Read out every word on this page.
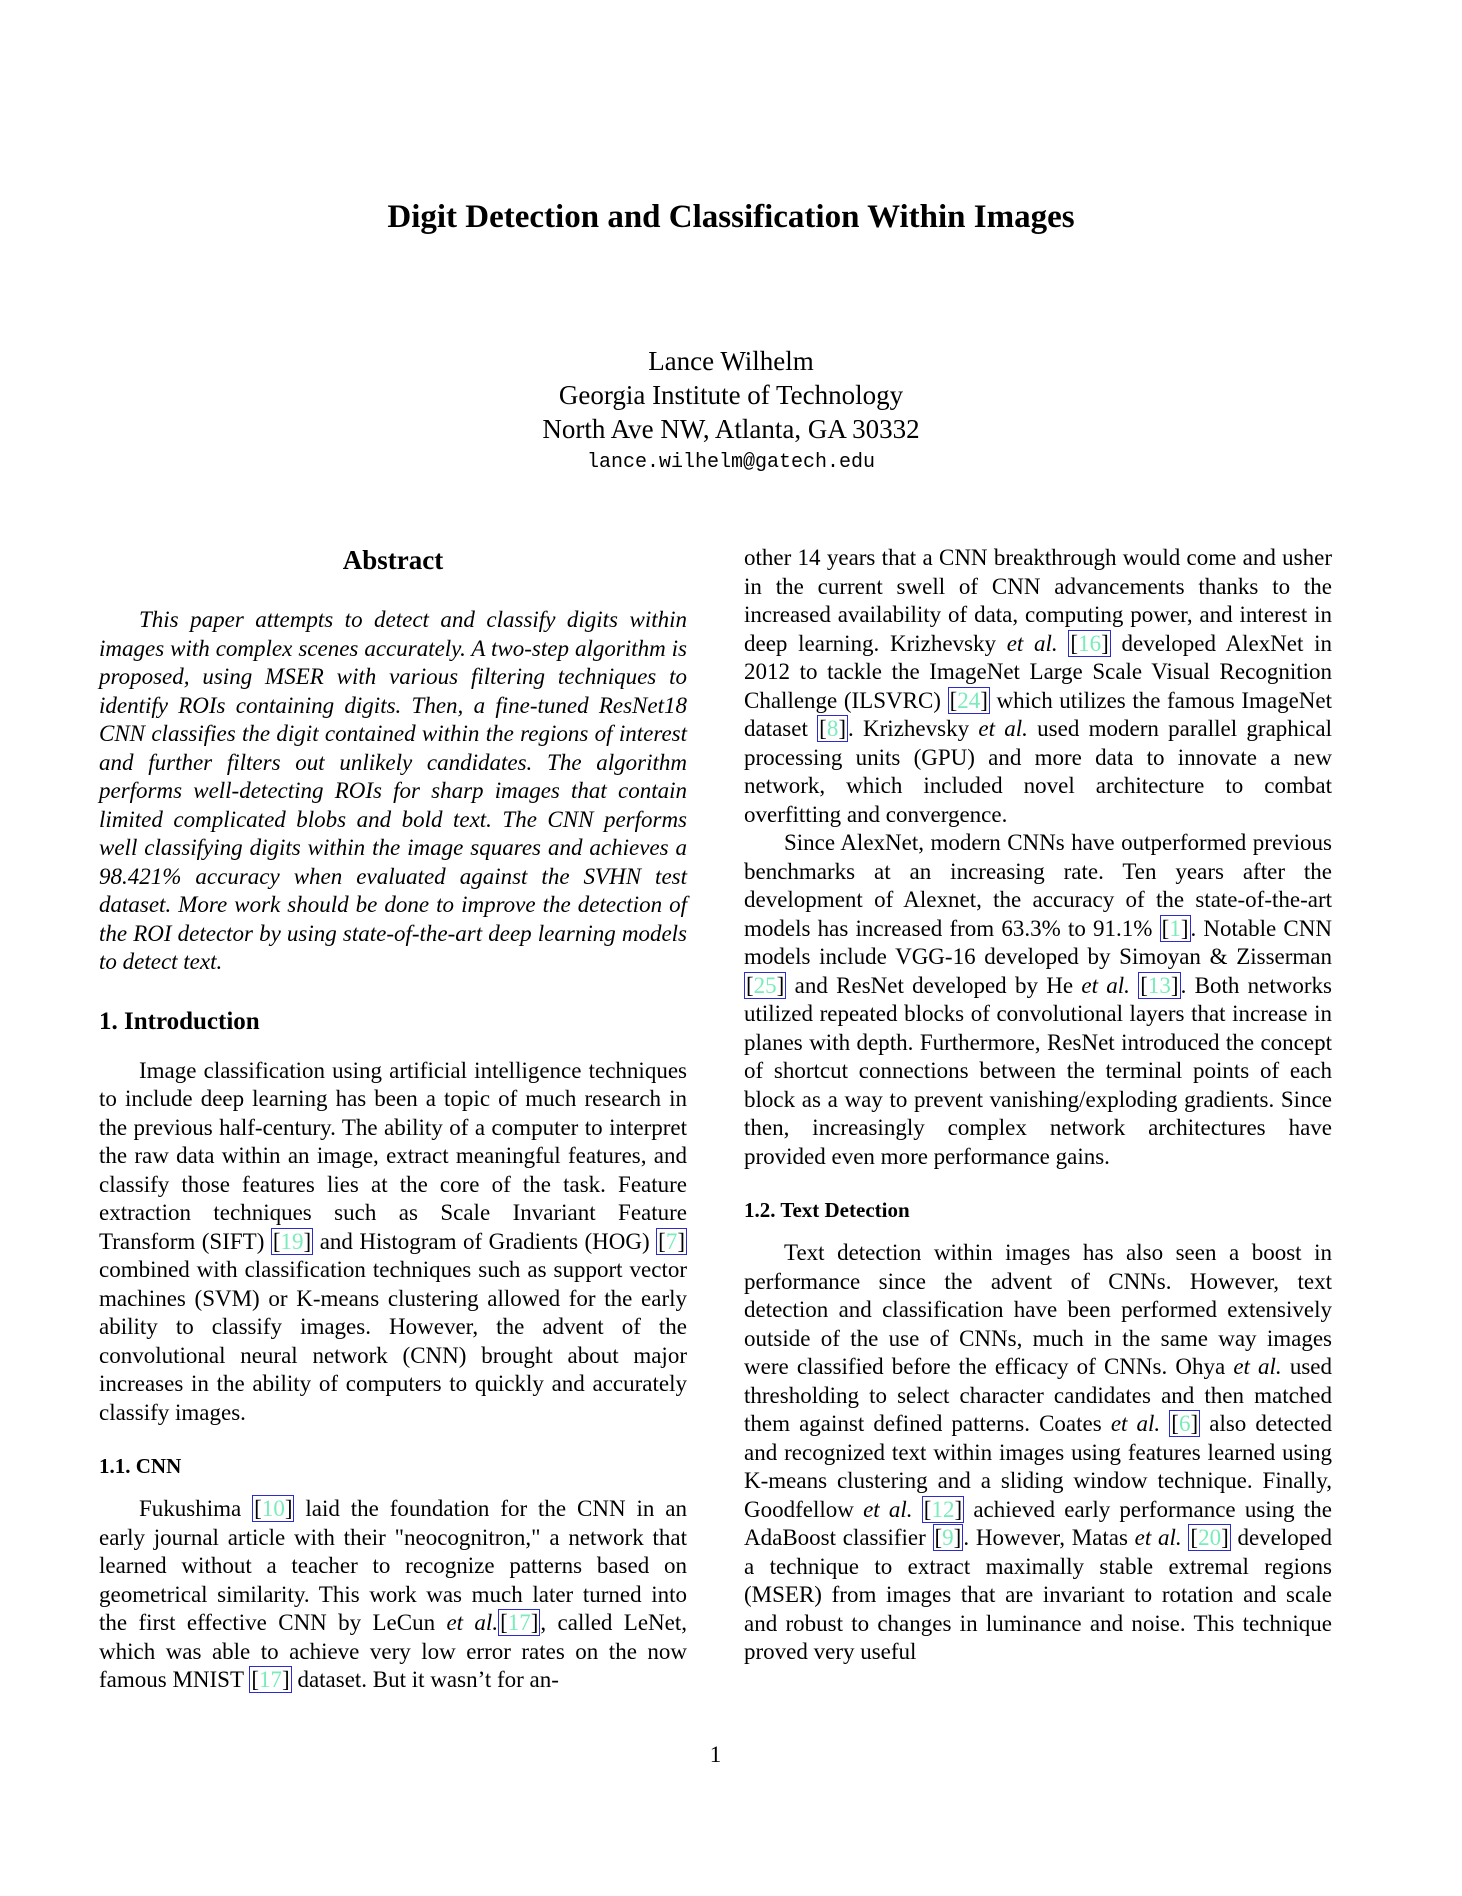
Digit Detection and Classification Within Images
Lance Wilhelm
Georgia Institute of Technology
North Ave NW, Atlanta, GA 30332
lance.wilhelm@gatech.edu
Abstract

This paper attempts to detect and classify digits within images with complex scenes accurately. A two-step algorithm is proposed, using MSER with various filtering techniques to identify ROIs containing digits. Then, a fine-tuned ResNet18 CNN classifies the digit contained within the regions of interest and further filters out unlikely candidates. The algorithm performs well-detecting ROIs for sharp images that contain limited complicated blobs and bold text. The CNN performs well classifying digits within the image squares and achieves a 98.421% accuracy when evaluated against the SVHN test dataset. More work should be done to improve the detection of the ROI detector by using state-of-the-art deep learning models to detect text.

1. Introduction

Image classification using artificial intelligence techniques to include deep learning has been a topic of much research in the previous half-century. The ability of a computer to interpret the raw data within an image, extract meaningful features, and classify those features lies at the core of the task. Feature extraction techniques such as Scale Invariant Feature Transform (SIFT) [19] and Histogram of Gradients (HOG) [7] combined with classification techniques such as support vector machines (SVM) or K-means clustering allowed for the early ability to classify images. However, the advent of the convolutional neural network (CNN) brought about major increases in the ability of computers to quickly and accurately classify images.

1.1. CNN

Fukushima [10] laid the foundation for the CNN in an early journal article with their "neocognitron," a network that learned without a teacher to recognize patterns based on geometrical similarity. This work was much later turned into the first effective CNN by LeCun et al.[17], called LeNet, which was able to achieve very low error rates on the now famous MNIST [17] dataset. But it wasn’t for an-

other 14 years that a CNN breakthrough would come and usher in the current swell of CNN advancements thanks to the increased availability of data, computing power, and interest in deep learning. Krizhevsky et al. [16] developed AlexNet in 2012 to tackle the ImageNet Large Scale Visual Recognition Challenge (ILSVRC) [24] which utilizes the famous ImageNet dataset [8]. Krizhevsky et al. used modern parallel graphical processing units (GPU) and more data to innovate a new network, which included novel architecture to combat overfitting and convergence.

Since AlexNet, modern CNNs have outperformed previous benchmarks at an increasing rate. Ten years after the development of Alexnet, the accuracy of the state-of-the-art models has increased from 63.3% to 91.1% [1]. Notable CNN models include VGG-16 developed by Simoyan & Zisserman [25] and ResNet developed by He et al. [13]. Both networks utilized repeated blocks of convolutional layers that increase in planes with depth. Furthermore, ResNet introduced the concept of shortcut connections between the terminal points of each block as a way to prevent vanishing/exploding gradients. Since then, increasingly complex network architectures have provided even more performance gains.

1.2. Text Detection

Text detection within images has also seen a boost in performance since the advent of CNNs. However, text detection and classification have been performed extensively outside of the use of CNNs, much in the same way images were classified before the efficacy of CNNs. Ohya et al. used thresholding to select character candidates and then matched them against defined patterns. Coates et al. [6] also detected and recognized text within images using features learned using K-means clustering and a sliding window technique. Finally, Goodfellow et al. [12] achieved early performance using the AdaBoost classifier [9]. However, Matas et al. [20] developed a technique to extract maximally stable extremal regions (MSER) from images that are invariant to rotation and scale and robust to changes in luminance and noise. This technique proved very useful

1
